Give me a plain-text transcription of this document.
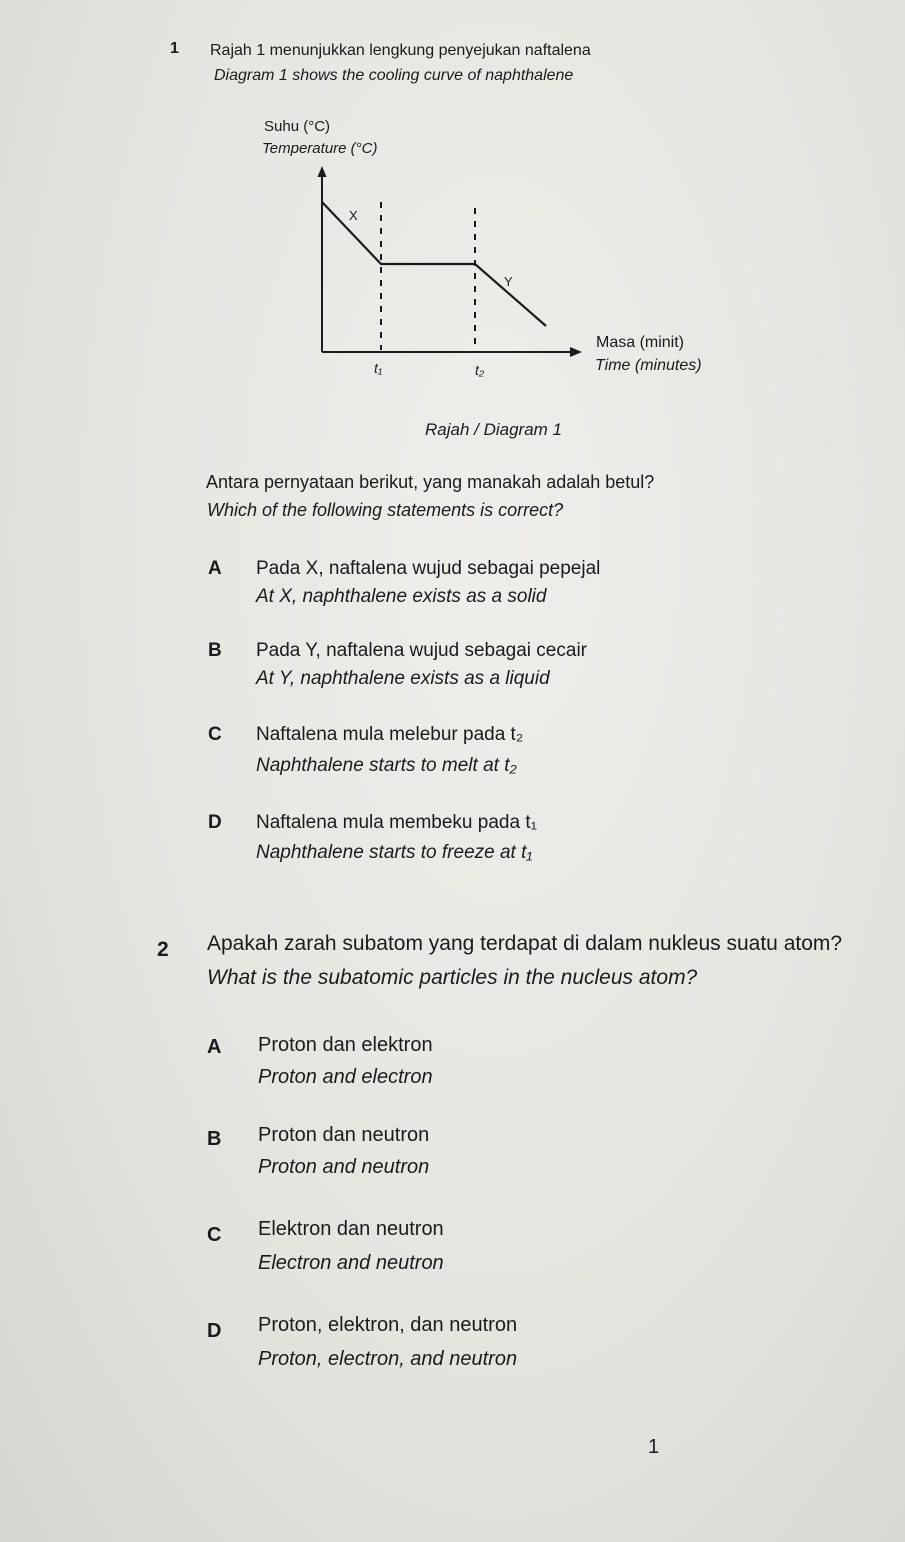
1 Rajah 1 menunjukkan lengkung penyejukan naftalena
Diagram 1 shows the cooling curve of naphthalene
Suhu (°C)
Temperature (°C)
Masa (minit)
Time (minutes)
X
Y
t₁	t₂
Rajah / Diagram 1
Antara pernyataan berikut, yang manakah adalah betul?
Which of the following statements is correct?
A Pada X, naftalena wujud sebagai pepejal
At X, naphthalene exists as a solid
B Pada Y, naftalena wujud sebagai cecair
At Y, naphthalene exists as a liquid
C Naftalena mula melebur pada t₂
Naphthalene starts to melt at t₂
D Naftalena mula membeku pada t₁
Naphthalene starts to freeze at t₁
2 Apakah zarah subatom yang terdapat di dalam nukleus suatu atom?
What is the subatomic particles in the nucleus atom?
A Proton dan elektron
Proton and electron
B Proton dan neutron
Proton and neutron
C Elektron dan neutron
Electron and neutron
D Proton, elektron, dan neutron
Proton, electron, and neutron
1
